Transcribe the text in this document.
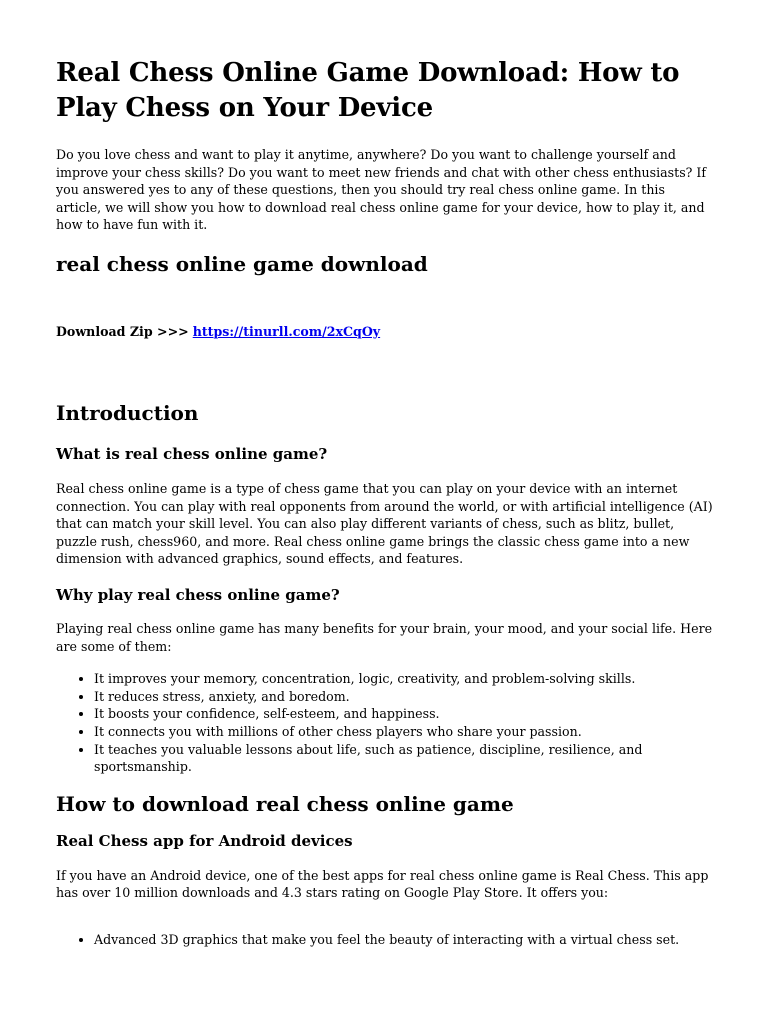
Real Chess Online Game Download: How to Play Chess on Your Device

Do you love chess and want to play it anytime, anywhere? Do you want to challenge yourself and improve your chess skills? Do you want to meet new friends and chat with other chess enthusiasts? If you answered yes to any of these questions, then you should try real chess online game. In this article, we will show you how to download real chess online game for your device, how to play it, and how to have fun with it.

real chess online game download

Download Zip >>> https://tinurll.com/2xCqOy

Introduction
What is real chess online game?

Real chess online game is a type of chess game that you can play on your device with an internet connection. You can play with real opponents from around the world, or with artificial intelligence (AI) that can match your skill level. You can also play different variants of chess, such as blitz, bullet, puzzle rush, chess960, and more. Real chess online game brings the classic chess game into a new dimension with advanced graphics, sound effects, and features.

Why play real chess online game?

Playing real chess online game has many benefits for your brain, your mood, and your social life. Here are some of them:

• It improves your memory, concentration, logic, creativity, and problem-solving skills.
• It reduces stress, anxiety, and boredom.
• It boosts your confidence, self-esteem, and happiness.
• It connects you with millions of other chess players who share your passion.
• It teaches you valuable lessons about life, such as patience, discipline, resilience, and sportsmanship.
How to download real chess online game
Real Chess app for Android devices

If you have an Android device, one of the best apps for real chess online game is Real Chess. This app has over 10 million downloads and 4.3 stars rating on Google Play Store. It offers you:

• Advanced 3D graphics that make you feel the beauty of interacting with a virtual chess set.
